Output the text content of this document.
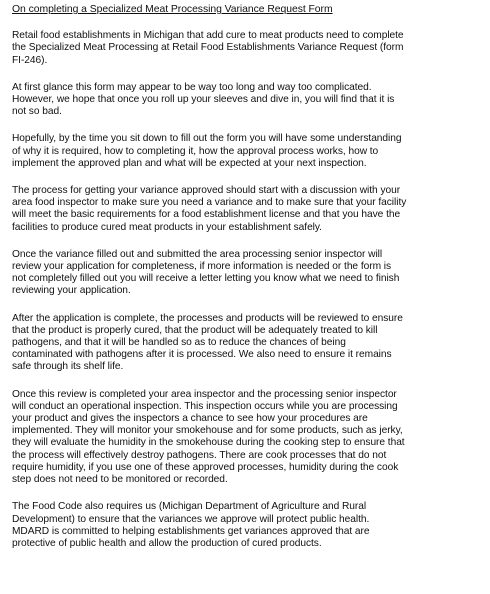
On completing a Specialized Meat Processing Variance Request Form
Retail food establishments in Michigan that add cure to meat products need to complete
the Specialized Meat Processing at Retail Food Establishments Variance Request (form
FI-246).
At first glance this form may appear to be way too long and way too complicated.
However, we hope that once you roll up your sleeves and dive in, you will find that it is
not so bad.
Hopefully, by the time you sit down to fill out the form you will have some understanding
of why it is required, how to completing it, how the approval process works, how to
implement the approved plan and what will be expected at your next inspection.
The process for getting your variance approved should start with a discussion with your
area food inspector to make sure you need a variance and to make sure that your facility
will meet the basic requirements for a food establishment license and that you have the
facilities to produce cured meat products in your establishment safely.
Once the variance filled out and submitted the area processing senior inspector will
review your application for completeness, if more information is needed or the form is
not completely filled out you will receive a letter letting you know what we need to finish
reviewing your application.
After the application is complete, the processes and products will be reviewed to ensure
that the product is properly cured, that the product will be adequately treated to kill
pathogens, and that it will be handled so as to reduce the chances of being
contaminated with pathogens after it is processed. We also need to ensure it remains
safe through its shelf life.
Once this review is completed your area inspector and the processing senior inspector
will conduct an operational inspection. This inspection occurs while you are processing
your product and gives the inspectors a chance to see how your procedures are
implemented. They will monitor your smokehouse and for some products, such as jerky,
they will evaluate the humidity in the smokehouse during the cooking step to ensure that
the process will effectively destroy pathogens. There are cook processes that do not
require humidity, if you use one of these approved processes, humidity during the cook
step does not need to be monitored or recorded.
The Food Code also requires us (Michigan Department of Agriculture and Rural
Development) to ensure that the variances we approve will protect public health.
MDARD is committed to helping establishments get variances approved that are
protective of public health and allow the production of cured products.
